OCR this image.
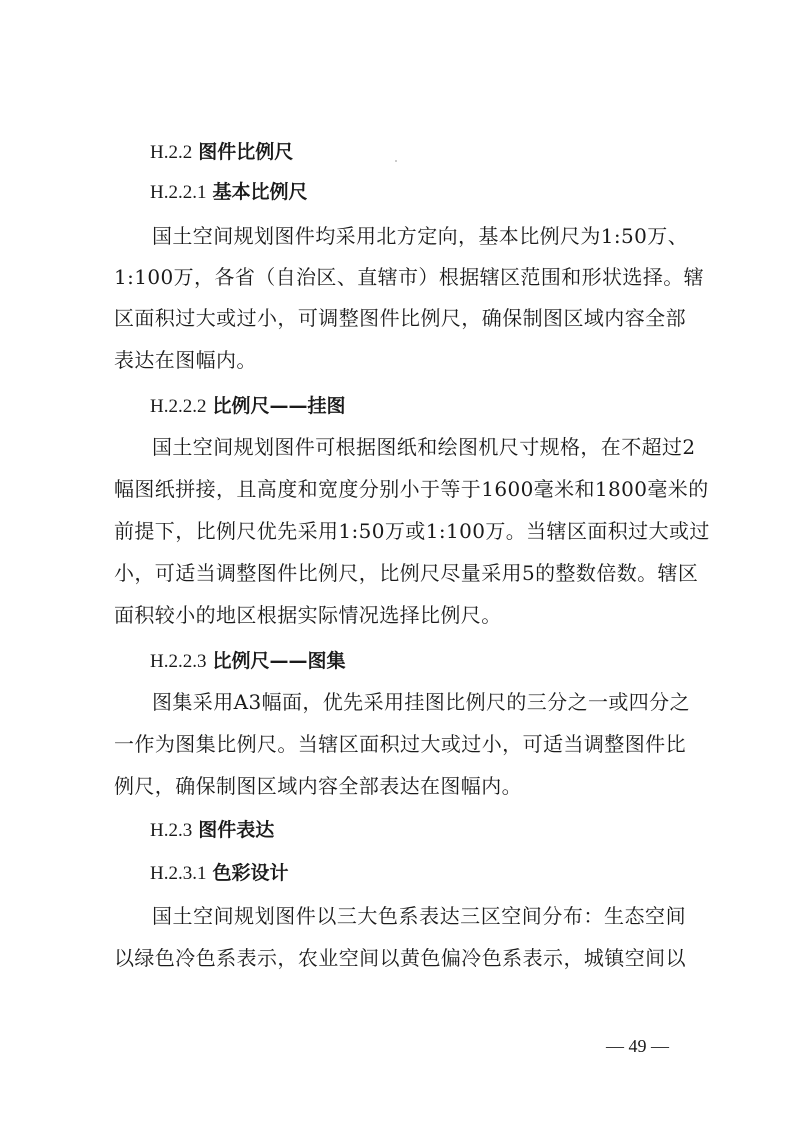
H.2.2 图件比例尺
H.2.2.1 基本比例尺
国土空间规划图件均采用北方定向，基本比例尺为1:50万、
1:100万，各省（自治区、直辖市）根据辖区范围和形状选择。辖
区面积过大或过小，可调整图件比例尺，确保制图区域内容全部
表达在图幅内。
H.2.2.2 比例尺——挂图
国土空间规划图件可根据图纸和绘图机尺寸规格，在不超过2
幅图纸拼接，且高度和宽度分别小于等于1600毫米和1800毫米的
前提下，比例尺优先采用1:50万或1:100万。当辖区面积过大或过
小，可适当调整图件比例尺，比例尺尽量采用5的整数倍数。辖区
面积较小的地区根据实际情况选择比例尺。
H.2.2.3 比例尺——图集
图集采用A3幅面，优先采用挂图比例尺的三分之一或四分之
一作为图集比例尺。当辖区面积过大或过小，可适当调整图件比
例尺，确保制图区域内容全部表达在图幅内。
H.2.3 图件表达
H.2.3.1 色彩设计
国土空间规划图件以三大色系表达三区空间分布：生态空间
以绿色冷色系表示，农业空间以黄色偏冷色系表示，城镇空间以
— 49 —
